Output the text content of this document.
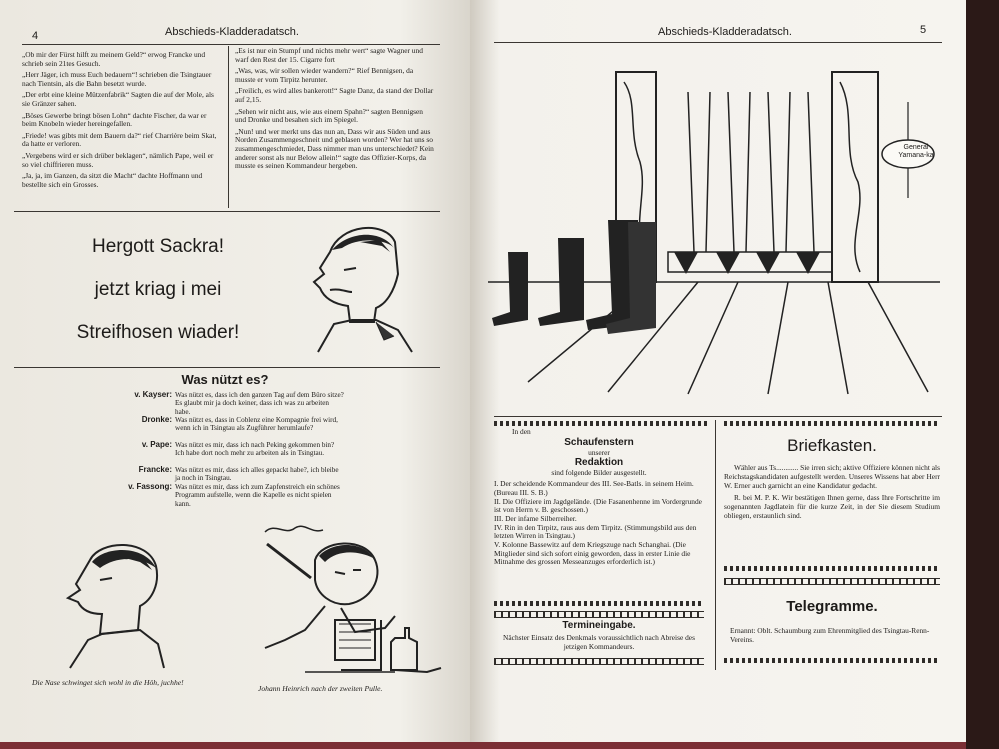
4	Abschieds-Kladderadatsch.

„Ob mir der Fürst hilft zu meinem Geld?“ erwog Francke und schrieb sein 21tes Gesuch.

„Herr Jäger, ich muss Euch bedauern“! schrieben die Tsingtauer nach Tientsin, als die Bahn besetzt wurde.

„Der erbt eine kleine Mützenfabrik“ Sagten die auf der Mole, als sie Gränzer sahen.

„Böses Gewerbe bringt bösen Lohn“ dachte Fischer, da war er beim Knobeln wieder hereingefallen.

„Friede! was gibts mit dem Bauern da?“ rief Charrière beim Skat, da hatte er verloren.

„Vergebens wird er sich drüber beklagen“, nämlich Pape, weil er so viel chiffrieren muss.

„Ja, ja, im Ganzen, da sitzt die Macht“ dachte Hoffmann und bestellte sich ein Grosses.

„Es ist nur ein Stumpf und nichts mehr wert“ sagte Wagner und warf den Rest der 15. Cigarre fort

„Was, was, wir sollen wieder wandern?“ Rief Bennigsen, da musste er vom Tirpitz herunter.

„Freilich, es wird alles bankerott!“ Sagte Danz, da stand der Dollar auf 2,15.

„Sehen wir nicht aus, wie aus einem Spahn?“ sagten Bennigsen und Dronke und besahen sich im Spiegel.

„Nun! und wer merkt uns das nun an, Dass wir aus Süden und aus Norden Zusammengeschneit und geblasen worden? Wer hat uns so zusammengeschmiedet, Dass nimmer man uns unterschiedet? Kein anderer sonst als nur Below allein!“ sagte das Offizier-Korps, da musste es seinen Kommandeur hergeben.

Hergott Sackra!
jetzt kriag i mei
Streifhosen wiader!
Was nützt es?
v. Kayser: Was nützt es, dass ich den ganzen Tag auf dem Büro sitze? Es glaubt mir ja doch keiner, dass ich was zu arbeiten habe.
Dronke: Was nützt es, dass in Coblenz eine Kompagnie frei wird, wenn ich in Tsingtau als Zugführer herumlaufe?
v. Pape: Was nützt es mir, dass ich nach Peking gekommen bin? Ich habe dort noch mehr zu arbeiten als in Tsingtau.
Francke: Was nützt es mir, dass ich alles gepackt habe?, ich bleibe ja noch in Tsingtau.
v. Fassong: Was nützt es mir, dass ich zum Zapfenstreich ein schönes Programm aufstelle, wenn die Kapelle es nicht spielen kann.
Die Nase schwinget sich wohl in die Höh, juchhe!
Johann Heinrich nach der zweiten Pulle.
Abschieds-Kladderadatsch.	5
General Yamana-ka
In den
Schaufenstern
unserer
Redaktion
sind folgende Bilder ausgestellt.
I. Der scheidende Kommandeur des III. See-Batls. in seinem Heim. (Bureau III. S. B.)
II. Die Offiziere im Jagdgelände. (Die Fasanenhenne im Vordergrunde ist von Herrn v. B. geschossen.)
III. Der infame Silberreiher.
IV. Rin in den Tirpitz, raus aus dem Tirpitz. (Stimmungsbild aus den letzten Wirren in Tsingtau.)
V. Kolonne Bassewitz auf dem Kriegszuge nach Schanghai. (Die Mitglieder sind sich sofort einig geworden, dass in erster Linie die Mitnahme des grossen Messeanzuges erforderlich ist.)
Termineingabe.
Nächster Einsatz des Denkmals voraussichtlich nach Abreise des jetzigen Kommandeurs.
Briefkasten.

Wähler aus Ts............ Sie irren sich; aktive Offiziere können nicht als Reichstagskandidaten aufgestellt werden. Unseres Wissens hat aber Herr W. Erner auch garnicht an eine Kandidatur gedacht.

R. bei M. P. K. Wir bestätigen Ihnen gerne, dass Ihre Fortschritte im sogenannten Jagdlatein für die kurze Zeit, in der Sie diesem Studium obliegen, erstaunlich sind.

Telegramme.
Ernannt: Oblt. Schaumburg zum Ehrenmitglied des Tsingtau-Renn-Vereins.
